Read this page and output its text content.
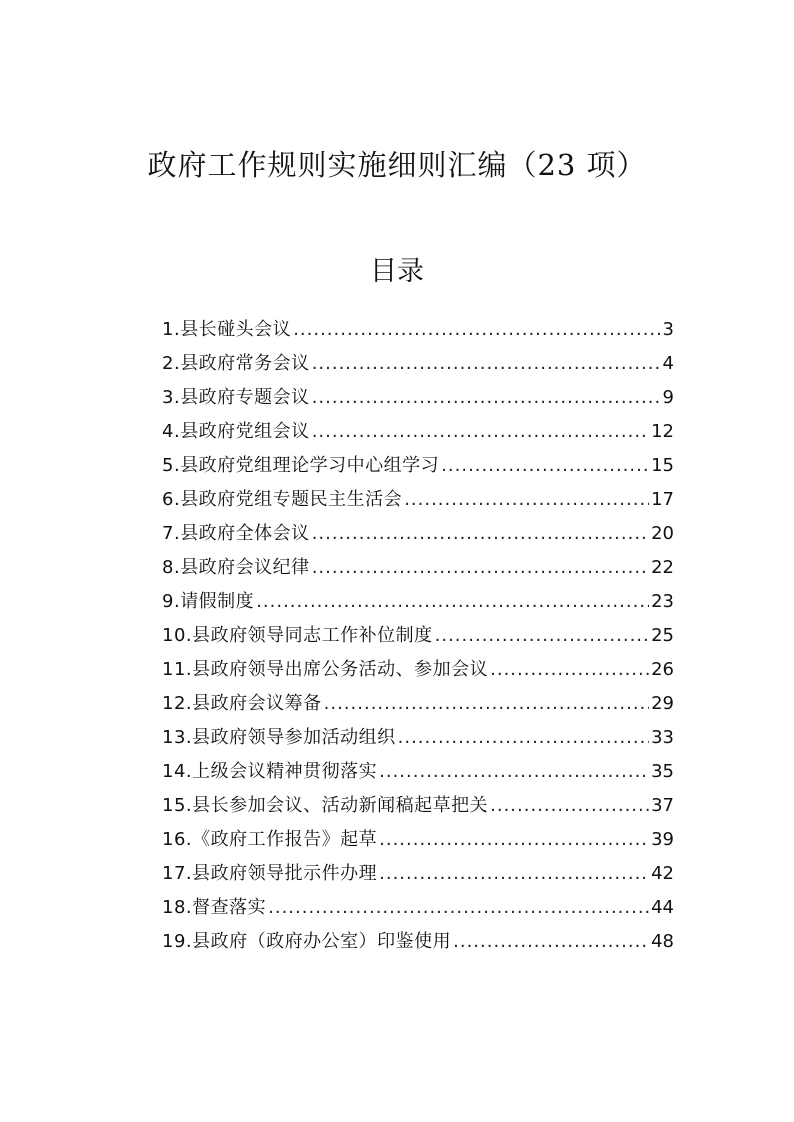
政府工作规则实施细则汇编（23 项）
目录
1.县长碰头会议 .....	3
2.县政府常务会议 .....	4
3.县政府专题会议 .....	9
4.县政府党组会议 .....	12
5.县政府党组理论学习中心组学习 .....	15
6.县政府党组专题民主生活会 .....	17
7.县政府全体会议 .....	20
8.县政府会议纪律 .....	22
9.请假制度 .....	23
10.县政府领导同志工作补位制度 .....	25
11.县政府领导出席公务活动、参加会议 .....	26
12.县政府会议筹备 .....	29
13.县政府领导参加活动组织 .....	33
14.上级会议精神贯彻落实 .....	35
15.县长参加会议、活动新闻稿起草把关 .....	37
16.《政府工作报告》起草 .....	39
17.县政府领导批示件办理 .....	42
18.督查落实 .....	44
19.县政府（政府办公室）印鉴使用 .....	48
